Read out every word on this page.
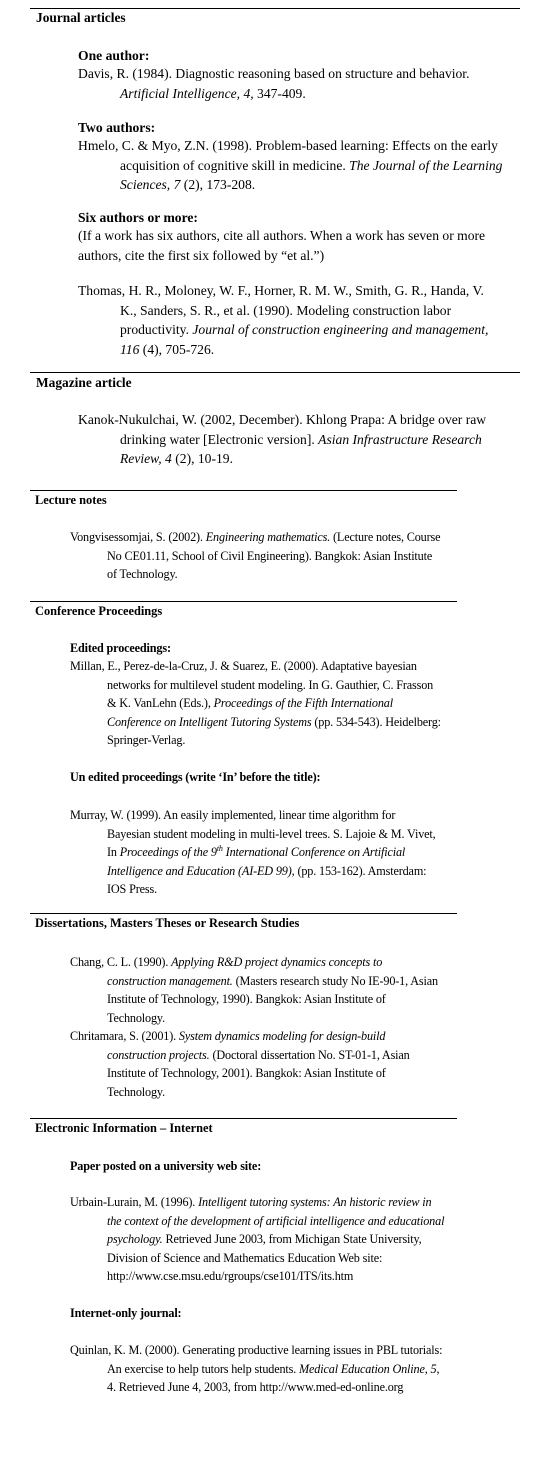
Journal articles
One author:
Davis, R. (1984). Diagnostic reasoning based on structure and behavior.
Artificial Intelligence, 4, 347-409.
Two authors:
Hmelo, C. & Myo, Z.N. (1998). Problem-based learning: Effects on the early
acquisition of cognitive skill in medicine. The Journal of the Learning
Sciences, 7 (2), 173-208.
Six authors or more:
(If a work has six authors, cite all authors. When a work has seven or more
authors, cite the first six followed by “et al.”)
Thomas, H. R., Moloney, W. F., Horner, R. M. W., Smith, G. R., Handa, V.
K., Sanders, S. R., et al. (1990). Modeling construction labor
productivity. Journal of construction engineering and management,
116 (4), 705-726.
Magazine article
Kanok-Nukulchai, W. (2002, December). Khlong Prapa: A bridge over raw
drinking water [Electronic version]. Asian Infrastructure Research
Review, 4 (2), 10-19.
Lecture notes
Vongvisessomjai, S. (2002). Engineering mathematics. (Lecture notes, Course
No CE01.11, School of Civil Engineering). Bangkok: Asian Institute
of Technology.
Conference Proceedings
Edited proceedings:
Millan, E., Perez-de-la-Cruz, J. & Suarez, E. (2000). Adaptative bayesian
networks for multilevel student modeling. In G. Gauthier, C. Frasson
& K. VanLehn (Eds.), Proceedings of the Fifth International
Conference on Intelligent Tutoring Systems (pp. 534-543). Heidelberg:
Springer-Verlag.
Un edited proceedings (write ‘In’ before the title):
Murray, W. (1999). An easily implemented, linear time algorithm for
Bayesian student modeling in multi-level trees. S. Lajoie & M. Vivet,
In Proceedings of the 9th International Conference on Artificial
Intelligence and Education (AI-ED 99), (pp. 153-162). Amsterdam:
IOS Press.
Dissertations, Masters Theses or Research Studies
Chang, C. L. (1990). Applying R&D project dynamics concepts to
construction management. (Masters research study No IE-90-1, Asian
Institute of Technology, 1990). Bangkok: Asian Institute of
Technology.
Chritamara, S. (2001). System dynamics modeling for design-build
construction projects. (Doctoral dissertation No. ST-01-1, Asian
Institute of Technology, 2001). Bangkok: Asian Institute of
Technology.
Electronic Information – Internet
Paper posted on a university web site:
Urbain-Lurain, M. (1996). Intelligent tutoring systems: An historic review in
the context of the development of artificial intelligence and educational
psychology. Retrieved June 2003, from Michigan State University,
Division of Science and Mathematics Education Web site:
http://www.cse.msu.edu/rgroups/cse101/ITS/its.htm
Internet-only journal:
Quinlan, K. M. (2000). Generating productive learning issues in PBL tutorials:
An exercise to help tutors help students. Medical Education Online, 5,
4. Retrieved June 4, 2003, from http://www.med-ed-online.org
